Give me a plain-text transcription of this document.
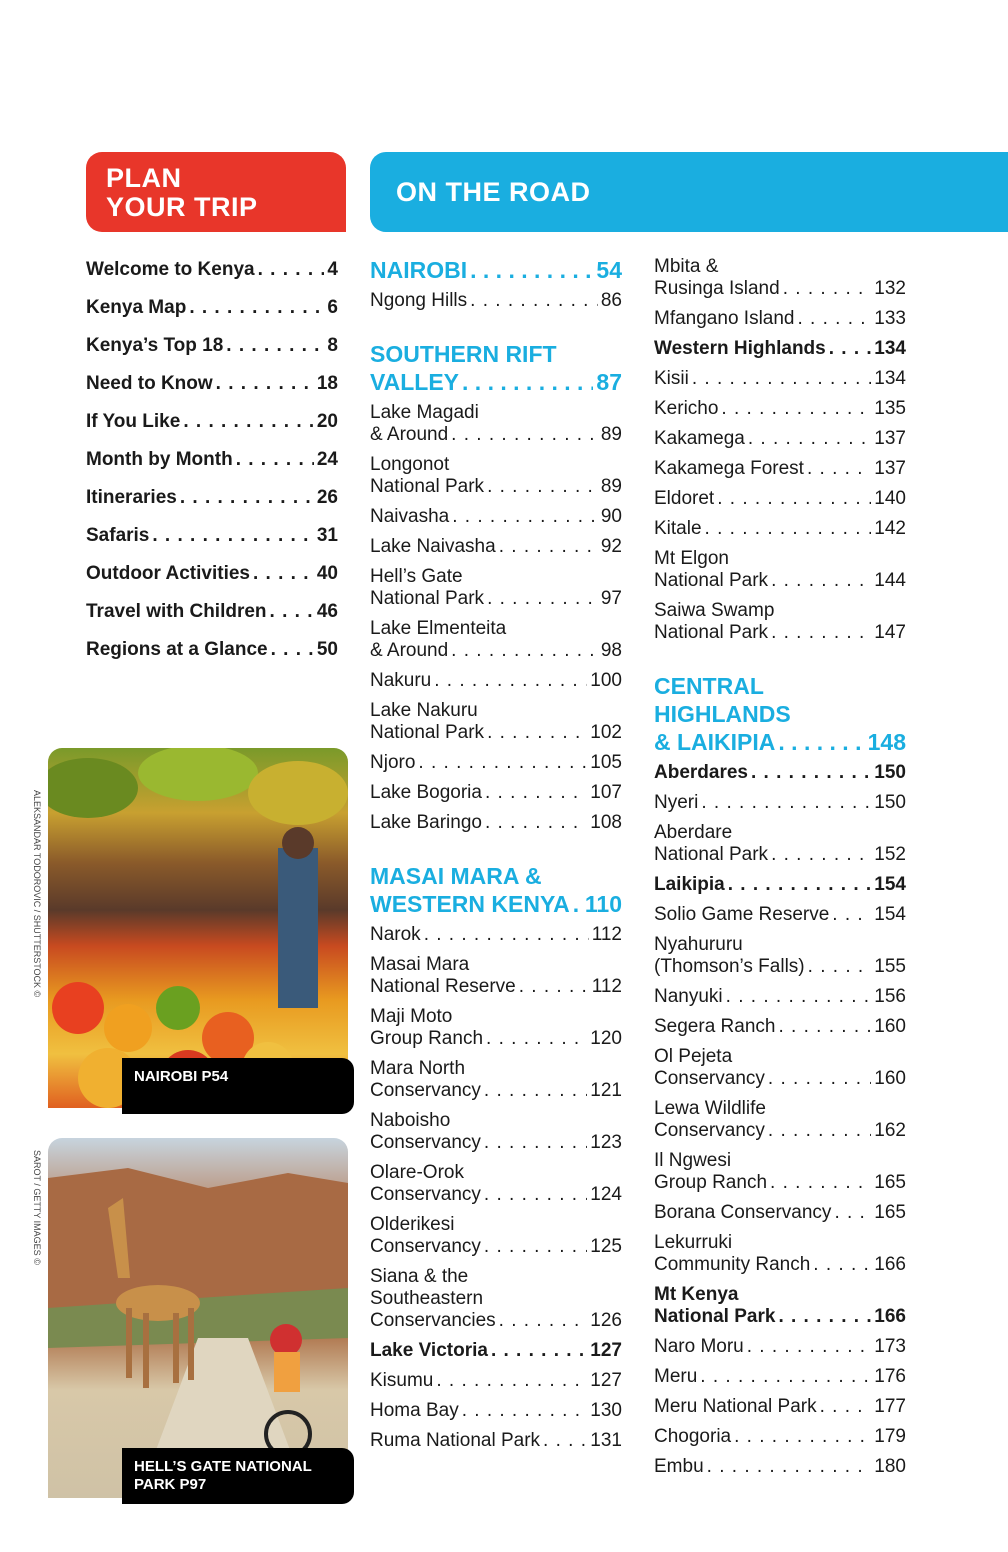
PLAN
YOUR TRIP
ON THE ROAD
Welcome to Kenya . . .	4
Kenya Map . . .	6
Kenya’s Top 18 . . .	8
Need to Know . . .	18
If You Like . . .	20
Month by Month . . .	24
Itineraries . . .	26
Safaris . . .	31
Outdoor Activities . . .	40
Travel with Children . . .	46
Regions at a Glance . . .	50
ALEKSANDAR TODOROVIC / SHUTTERSTOCK ©
NAIROBI P54
SAROT / GETTY IMAGES ©
HELL’S GATE NATIONAL
PARK P97
NAIROBI . . .	54
Ngong Hills . . .	86
SOUTHERN RIFT
VALLEY . . .	87
Lake Magadi
& Around . . .	89
Longonot
National Park . . .	89
Naivasha . . .	90
Lake Naivasha . . .	92
Hell’s Gate
National Park . . .	97
Lake Elmenteita
& Around . . .	98
Nakuru . . .	100
Lake Nakuru
National Park . . .	102
Njoro . . .	105
Lake Bogoria . . .	107
Lake Baringo . . .	108
MASAI MARA &
WESTERN KENYA . . . 110
Narok . . .	112
Masai Mara
National Reserve . . .	112
Maji Moto
Group Ranch . . .	120
Mara North
Conservancy . . .	121
Naboisho
Conservancy . . .	123
Olare-Orok
Conservancy . . .	124
Olderikesi
Conservancy . . .	125
Siana & the
Southeastern
Conservancies . . .	126
Lake Victoria . . .	127
Kisumu . . .	127
Homa Bay . . .	130
Ruma National Park . . .	131
Mbita &
Rusinga Island . . .	132
Mfangano Island . . .	133
Western Highlands . . .	134
Kisii . . .	134
Kericho . . .	135
Kakamega . . .	137
Kakamega Forest . . .	137
Eldoret . . .	140
Kitale . . .	142
Mt Elgon
National Park . . .	144
Saiwa Swamp
National Park . . .	147
CENTRAL
HIGHLANDS
& LAIKIPIA . . .	148
Aberdares . . .	150
Nyeri . . .	150
Aberdare
National Park . . .	152
Laikipia . . .	154
Solio Game Reserve . . . 154
Nyahururu
(Thomson’s Falls) . . .	155
Nanyuki . . .	156
Segera Ranch . . .	160
Ol Pejeta
Conservancy . . .	160
Lewa Wildlife
Conservancy . . .	162
Il Ngwesi
Group Ranch . . .	165
Borana Conservancy . . . 165
Lekurruki
Community Ranch . . .	166
Mt Kenya
National Park . . .	166
Naro Moru . . .	173
Meru . . .	176
Meru National Park . . .	177
Chogoria . . .	179
Embu . . .	180
